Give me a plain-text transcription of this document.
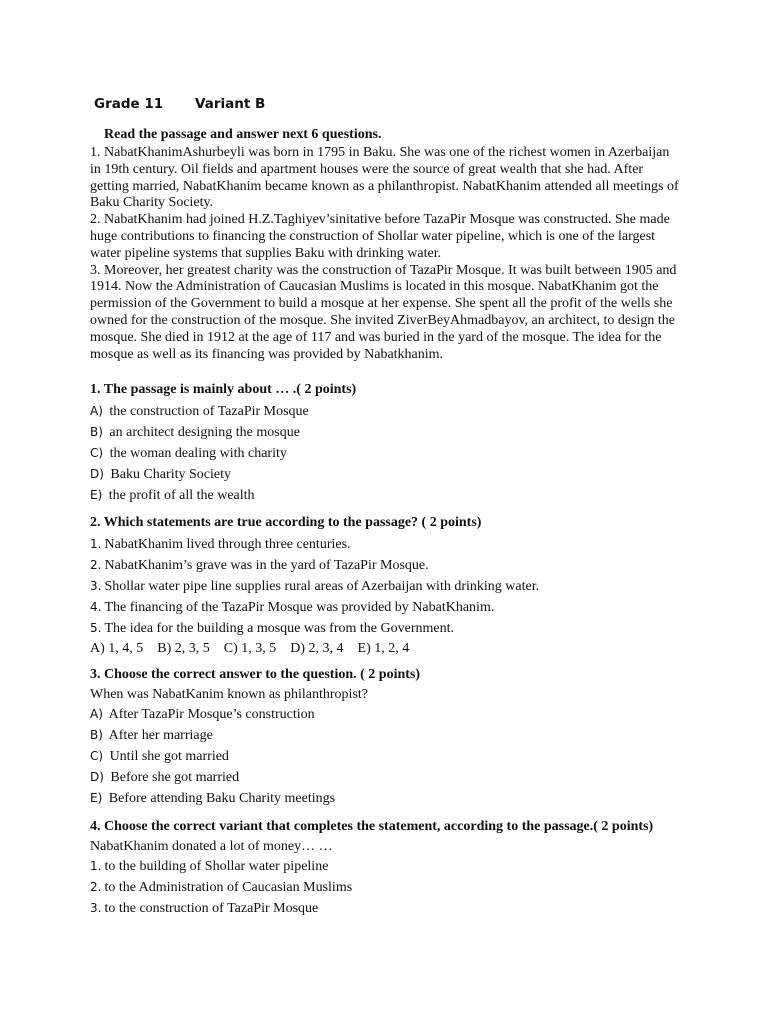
Grade 11	Variant B
Read the passage and answer next 6 questions.

1. NabatKhanimAshurbeyli was born in 1795 in Baku. She was one of the richest women in Azerbaijan in 19th century. Oil fields and apartment houses were the source of great wealth that she had. After getting married, NabatKhanim became known as a philanthropist. NabatKhanim attended all meetings of Baku Charity Society.

2. NabatKhanim had joined H.Z.Taghiyev’sinitative before TazaPir Mosque was constructed. She made huge contributions to financing the construction of Shollar water pipeline, which is one of the largest water pipeline systems that supplies Baku with drinking water.

3. Moreover, her greatest charity was the construction of TazaPir Mosque. It was built between 1905 and 1914. Now the Administration of Caucasian Muslims is located in this mosque. NabatKhanim got the permission of the Government to build a mosque at her expense. She spent all the profit of the wells she owned for the construction of the mosque. She invited ZiverBeyAhmadbayov, an architect, to design the mosque. She died in 1912 at the age of 117 and was buried in the yard of the mosque. The idea for the mosque as well as its financing was provided by Nabatkhanim.

1. The passage is mainly about … .( 2 points)
A) the construction of TazaPir Mosque
B) an architect designing the mosque
C) the woman dealing with charity
D) Baku Charity Society
E) the profit of all the wealth
2. Which statements are true according to the passage? ( 2 points)
1. NabatKhanim lived through three centuries.
2. NabatKhanim’s grave was in the yard of TazaPir Mosque.
3. Shollar water pipe line supplies rural areas of Azerbaijan with drinking water.
4. The financing of the TazaPir Mosque was provided by NabatKhanim.
5. The idea for the building a mosque was from the Government.
A) 1, 4, 5    B) 2, 3, 5    C) 1, 3, 5    D) 2, 3, 4    E) 1, 2, 4
3. Choose the correct answer to the question. ( 2 points)
When was NabatKanim known as philanthropist?
A) After TazaPir Mosque’s construction
B) After her marriage
C) Until she got married
D) Before she got married
E) Before attending Baku Charity meetings
4. Choose the correct variant that completes the statement, according to the passage.( 2 points)
NabatKhanim donated a lot of money… …
1. to the building of Shollar water pipeline
2. to the Administration of Caucasian Muslims
3. to the construction of TazaPir Mosque
